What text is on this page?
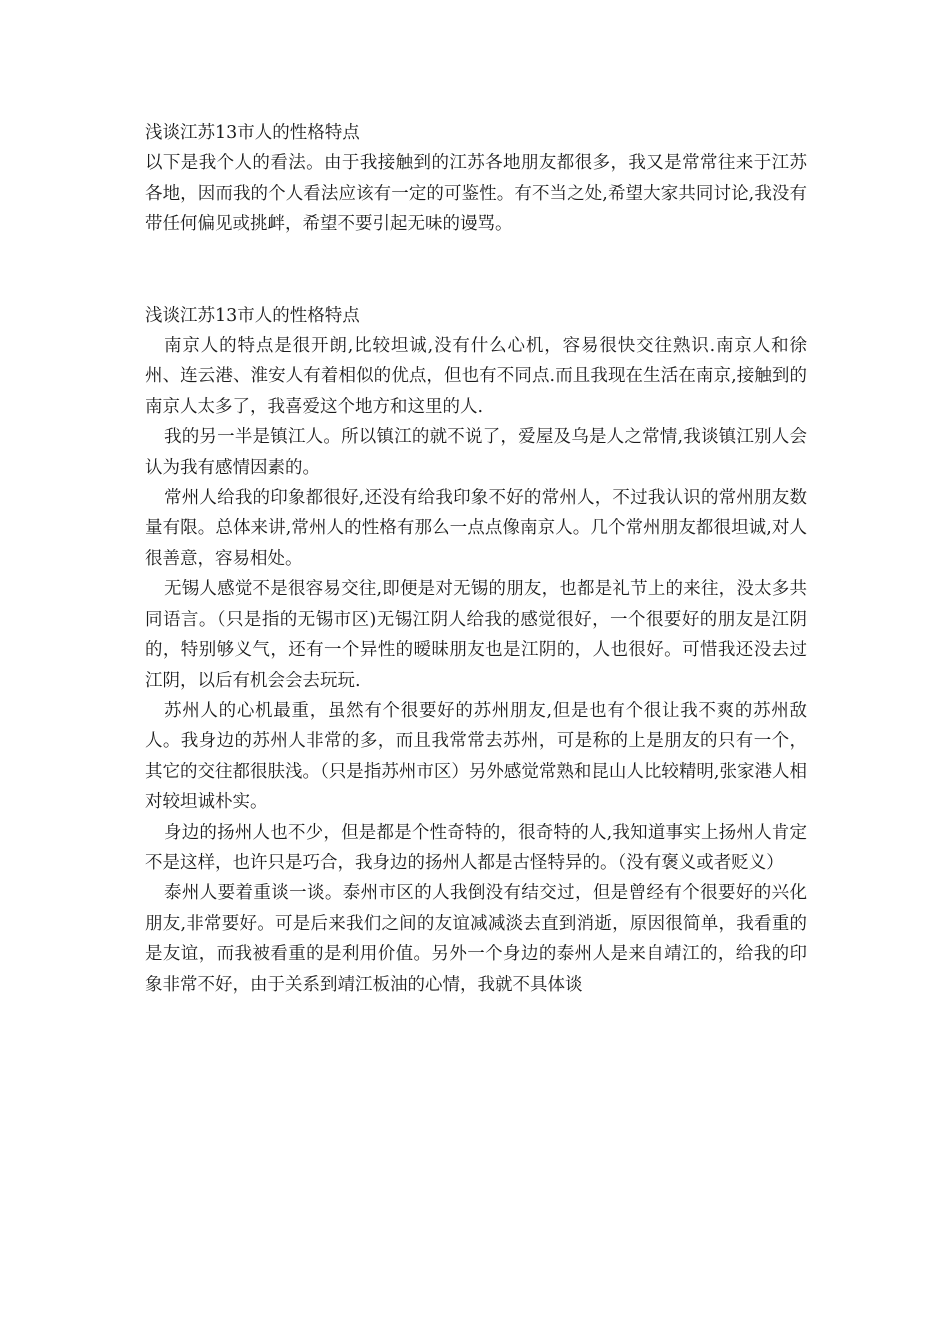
浅谈江苏13市人的性格特点

以下是我个人的看法。由于我接触到的江苏各地朋友都很多，我又是常常往来于江苏各地，因而我的个人看法应该有一定的可鉴性。有不当之处,希望大家共同讨论,我没有带任何偏见或挑衅，希望不要引起无味的谩骂。

浅谈江苏13市人的性格特点

南京人的特点是很开朗,比较坦诚,没有什么心机，容易很快交往熟识.南京人和徐州、连云港、淮安人有着相似的优点，但也有不同点.而且我现在生活在南京,接触到的南京人太多了，我喜爱这个地方和这里的人.

我的另一半是镇江人。所以镇江的就不说了，爱屋及乌是人之常情,我谈镇江别人会认为我有感情因素的。

常州人给我的印象都很好,还没有给我印象不好的常州人，不过我认识的常州朋友数量有限。总体来讲,常州人的性格有那么一点点像南京人。几个常州朋友都很坦诚,对人很善意，容易相处。

无锡人感觉不是很容易交往,即便是对无锡的朋友，也都是礼节上的来往，没太多共同语言。（只是指的无锡市区)无锡江阴人给我的感觉很好，一个很要好的朋友是江阴的，特别够义气，还有一个异性的暧昧朋友也是江阴的，人也很好。可惜我还没去过江阴，以后有机会会去玩玩.

苏州人的心机最重，虽然有个很要好的苏州朋友,但是也有个很让我不爽的苏州敌人。我身边的苏州人非常的多，而且我常常去苏州，可是称的上是朋友的只有一个，其它的交往都很肤浅。（只是指苏州市区）另外感觉常熟和昆山人比较精明,张家港人相对较坦诚朴实。

身边的扬州人也不少，但是都是个性奇特的，很奇特的人,我知道事实上扬州人肯定不是这样，也许只是巧合，我身边的扬州人都是古怪特异的。（没有褒义或者贬义）

泰州人要着重谈一谈。泰州市区的人我倒没有结交过，但是曾经有个很要好的兴化朋友,非常要好。可是后来我们之间的友谊减减淡去直到消逝，原因很简单，我看重的是友谊，而我被看重的是利用价值。另外一个身边的泰州人是来自靖江的，给我的印象非常不好，由于关系到靖江板油的心情，我就不具体谈
